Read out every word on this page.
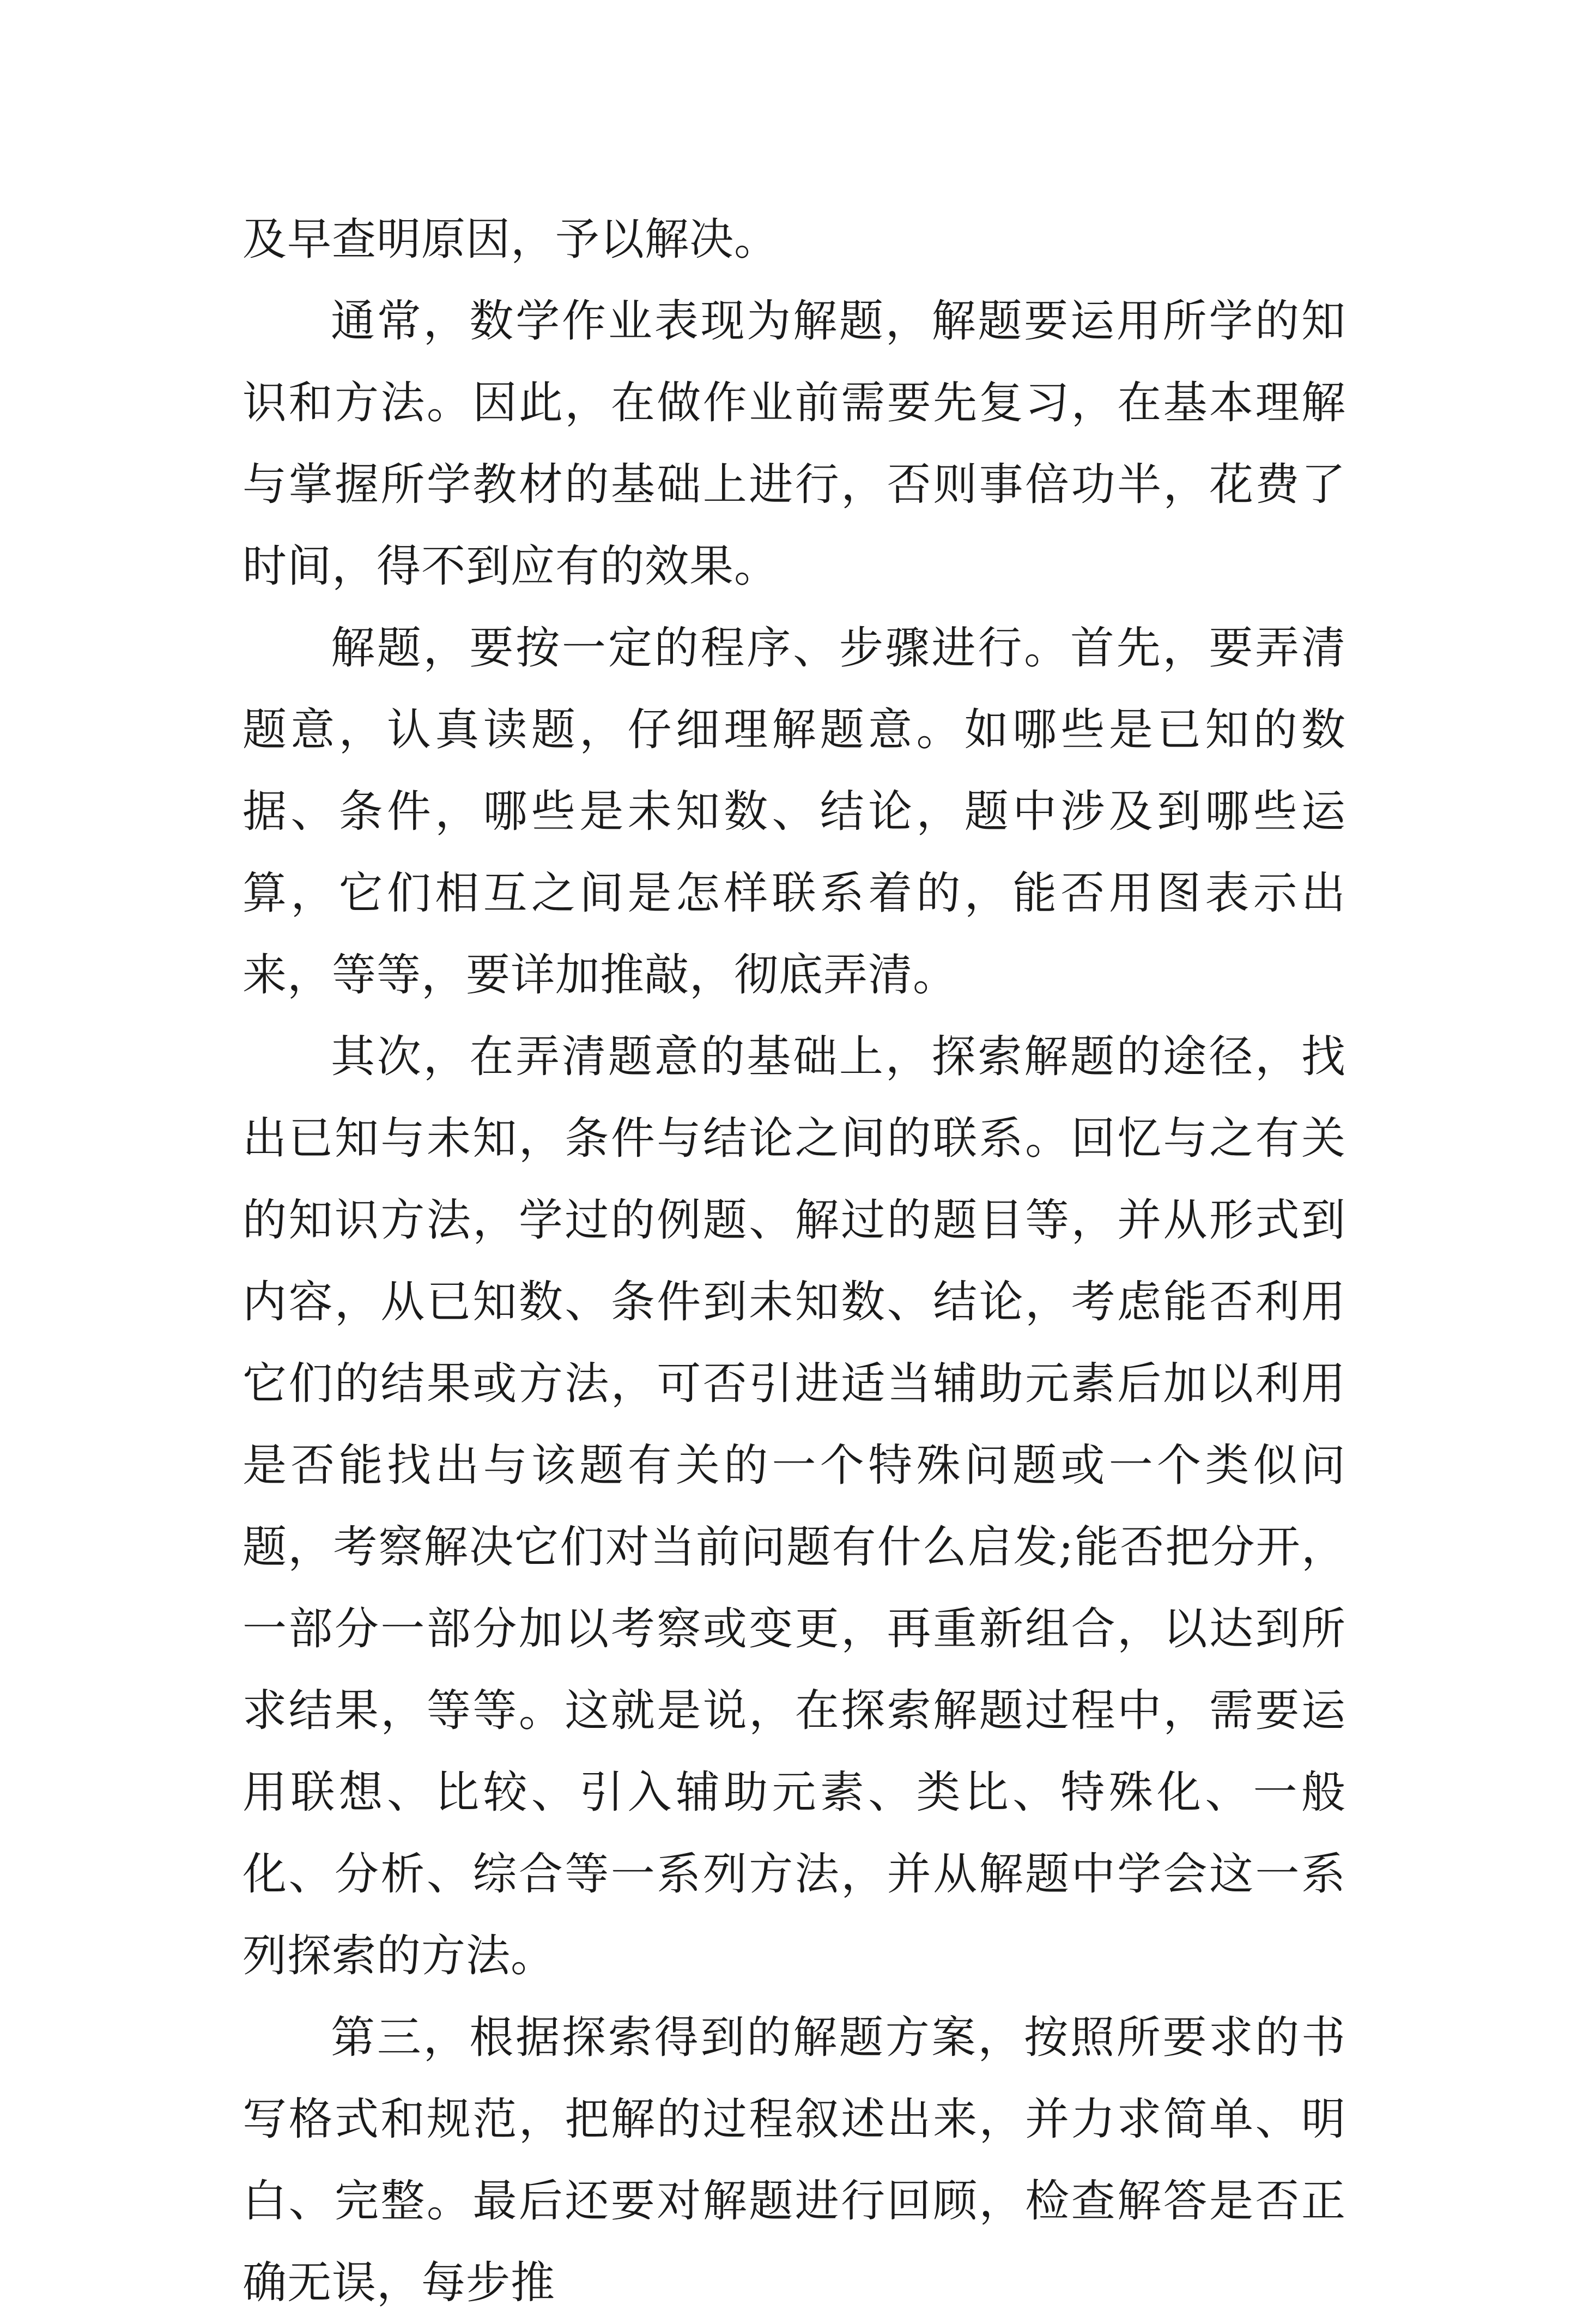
及早查明原因，予以解决。

通常，数学作业表现为解题，解题要运用所学的知识和方法。因此，在做作业前需要先复习，在基本理解与掌握所学教材的基础上进行，否则事倍功半，花费了时间，得不到应有的效果。

解题，要按一定的程序、步骤进行。首先，要弄清题意，认真读题，仔细理解题意。如哪些是已知的数据、条件，哪些是未知数、结论，题中涉及到哪些运算，它们相互之间是怎样联系着的，能否用图表示出来，等等，要详加推敲，彻底弄清。

其次，在弄清题意的基础上，探索解题的途径，找出已知与未知，条件与结论之间的联系。回忆与之有关的知识方法，学过的例题、解过的题目等，并从形式到内容，从已知数、条件到未知数、结论，考虑能否利用它们的结果或方法，可否引进适当辅助元素后加以利用是否能找出与该题有关的一个特殊问题或一个类似问题，考察解决它们对当前问题有什么启发;能否把分开，一部分一部分加以考察或变更，再重新组合，以达到所求结果，等等。这就是说，在探索解题过程中，需要运用联想、比较、引入辅助元素、类比、特殊化、一般化、分析、综合等一系列方法，并从解题中学会这一系列探索的方法。

第三，根据探索得到的解题方案，按照所要求的书写格式和规范，把解的过程叙述出来，并力求简单、明白、完整。最后还要对解题进行回顾，检查解答是否正确无误，每步推
